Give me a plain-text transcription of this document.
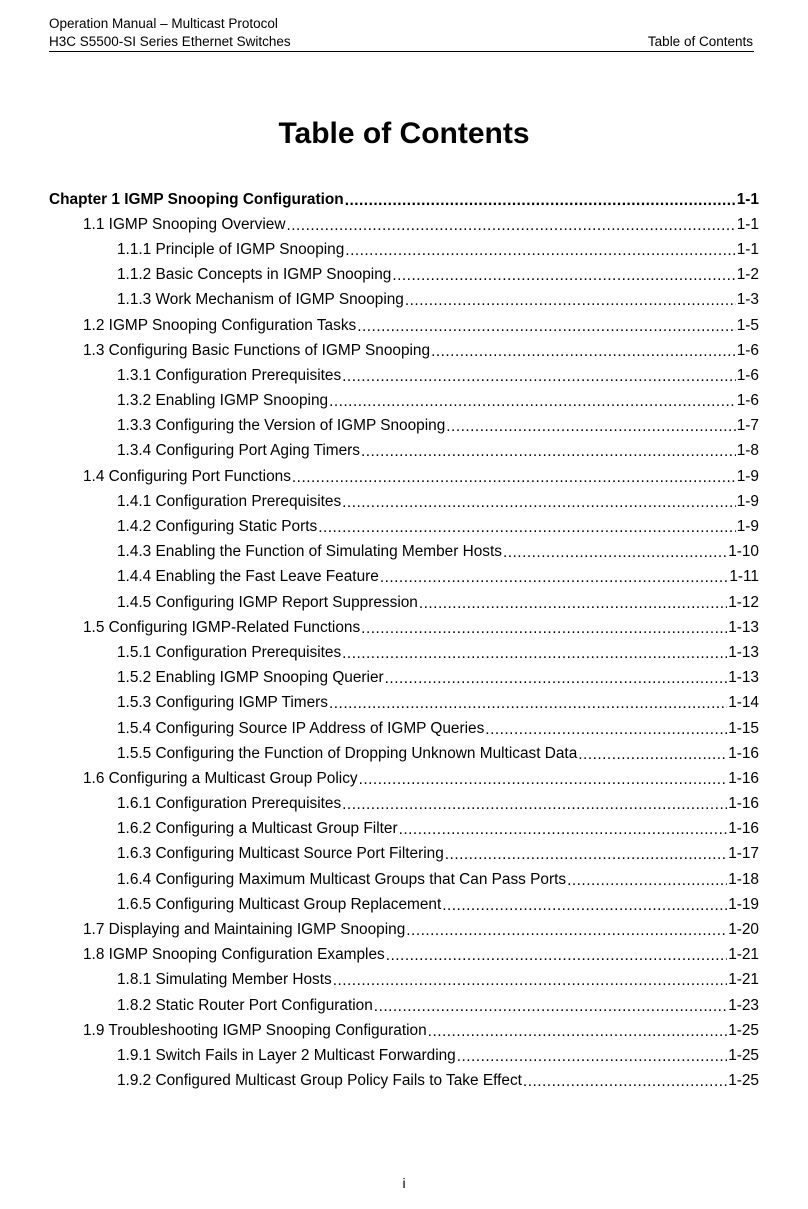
Operation Manual – Multicast Protocol
H3C S5500-SI Series Ethernet Switches	Table of Contents
Table of Contents
Chapter 1 IGMP Snooping Configuration .....	1-1
1.1 IGMP Snooping Overview .....	1-1
1.1.1 Principle of IGMP Snooping .....	1-1
1.1.2 Basic Concepts in IGMP Snooping .....	1-2
1.1.3 Work Mechanism of IGMP Snooping .....	1-3
1.2 IGMP Snooping Configuration Tasks .....	1-5
1.3 Configuring Basic Functions of IGMP Snooping .....	1-6
1.3.1 Configuration Prerequisites .....	1-6
1.3.2 Enabling IGMP Snooping .....	1-6
1.3.3 Configuring the Version of IGMP Snooping .....	1-7
1.3.4 Configuring Port Aging Timers .....	1-8
1.4 Configuring Port Functions .....	1-9
1.4.1 Configuration Prerequisites .....	1-9
1.4.2 Configuring Static Ports .....	1-9
1.4.3 Enabling the Function of Simulating Member Hosts .....	1-10
1.4.4 Enabling the Fast Leave Feature .....	1-11
1.4.5 Configuring IGMP Report Suppression .....	1-12
1.5 Configuring IGMP-Related Functions .....	1-13
1.5.1 Configuration Prerequisites .....	1-13
1.5.2 Enabling IGMP Snooping Querier .....	1-13
1.5.3 Configuring IGMP Timers .....	1-14
1.5.4 Configuring Source IP Address of IGMP Queries .....	1-15
1.5.5 Configuring the Function of Dropping Unknown Multicast Data .....	1-16
1.6 Configuring a Multicast Group Policy .....	1-16
1.6.1 Configuration Prerequisites .....	1-16
1.6.2 Configuring a Multicast Group Filter .....	1-16
1.6.3 Configuring Multicast Source Port Filtering .....	1-17
1.6.4 Configuring Maximum Multicast Groups that Can Pass Ports .....	1-18
1.6.5 Configuring Multicast Group Replacement .....	1-19
1.7 Displaying and Maintaining IGMP Snooping .....	1-20
1.8 IGMP Snooping Configuration Examples .....	1-21
1.8.1 Simulating Member Hosts .....	1-21
1.8.2 Static Router Port Configuration .....	1-23
1.9 Troubleshooting IGMP Snooping Configuration .....	1-25
1.9.1 Switch Fails in Layer 2 Multicast Forwarding .....	1-25
1.9.2 Configured Multicast Group Policy Fails to Take Effect .....	1-25
i
